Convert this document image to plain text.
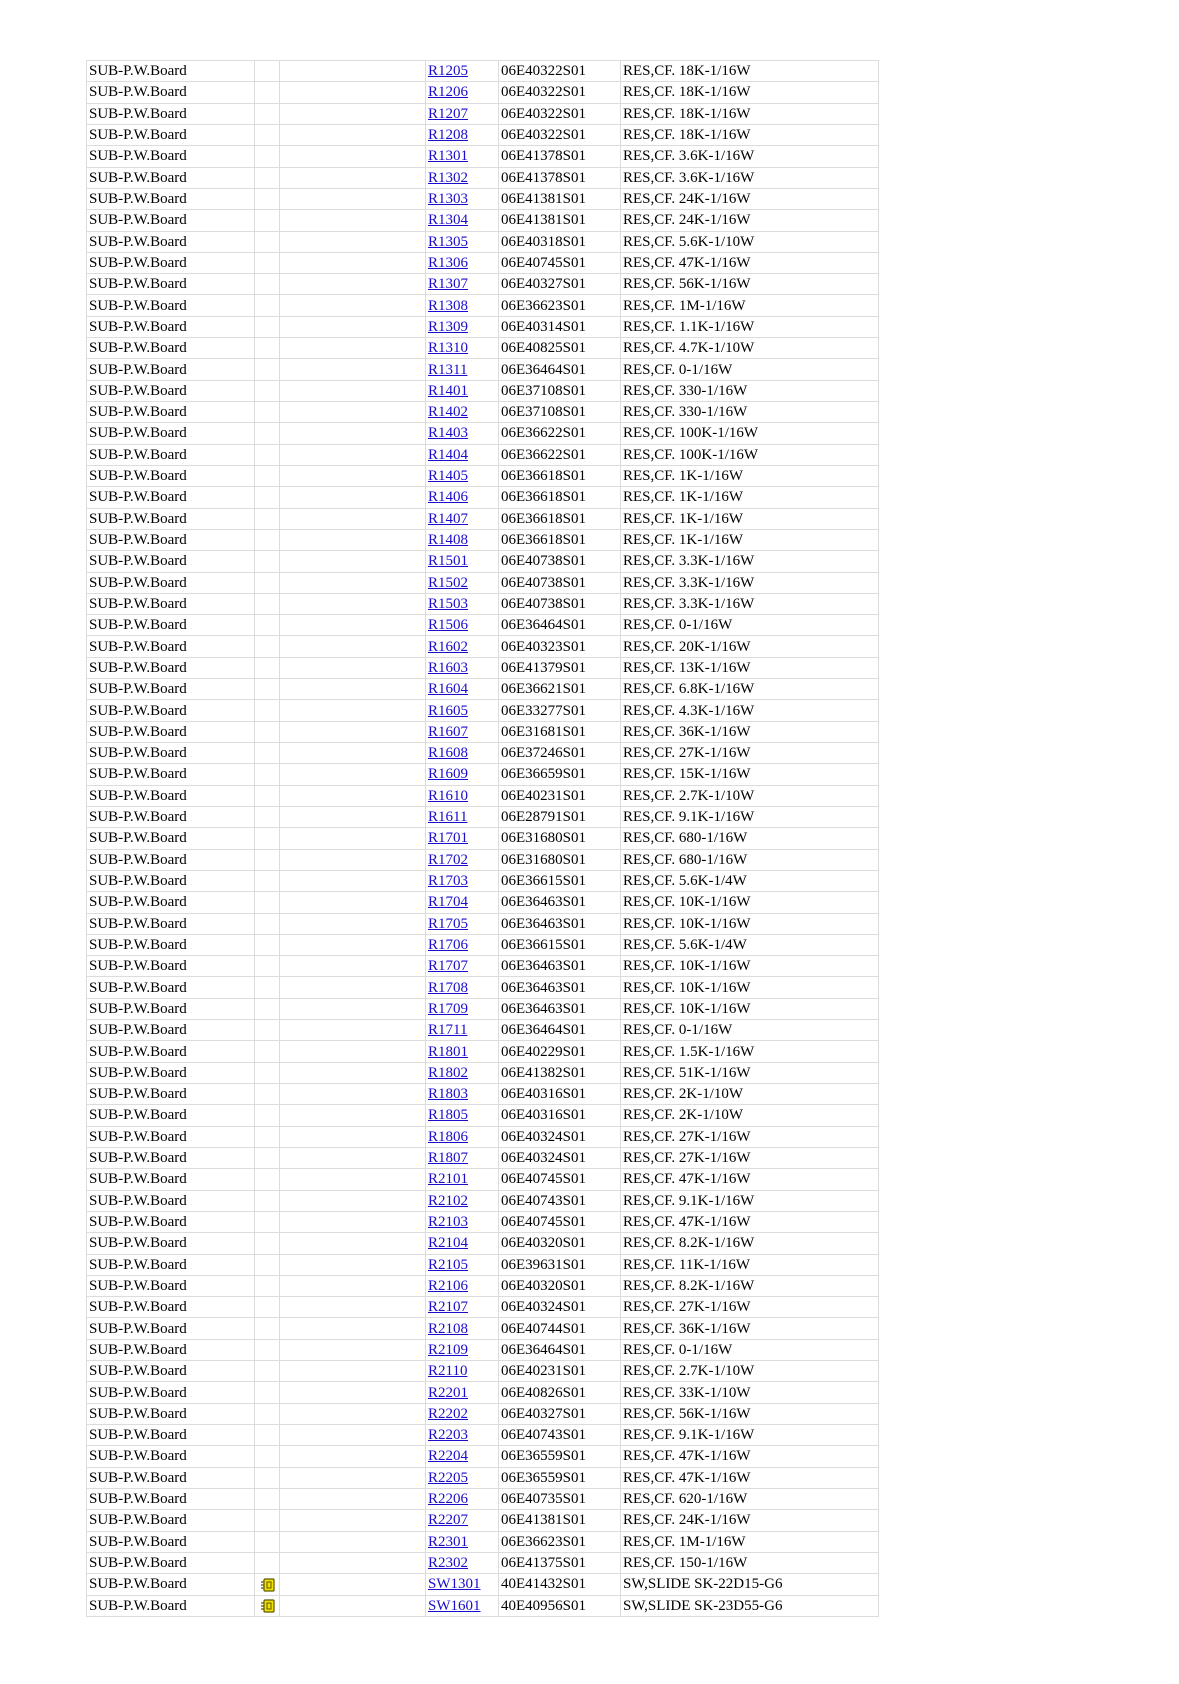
SUB-P.W.Board			R1205	06E40322S01	RES,CF. 18K-1/16W
SUB-P.W.Board			R1206	06E40322S01	RES,CF. 18K-1/16W
SUB-P.W.Board			R1207	06E40322S01	RES,CF. 18K-1/16W
SUB-P.W.Board			R1208	06E40322S01	RES,CF. 18K-1/16W
SUB-P.W.Board			R1301	06E41378S01	RES,CF. 3.6K-1/16W
SUB-P.W.Board			R1302	06E41378S01	RES,CF. 3.6K-1/16W
SUB-P.W.Board			R1303	06E41381S01	RES,CF. 24K-1/16W
SUB-P.W.Board			R1304	06E41381S01	RES,CF. 24K-1/16W
SUB-P.W.Board			R1305	06E40318S01	RES,CF. 5.6K-1/10W
SUB-P.W.Board			R1306	06E40745S01	RES,CF. 47K-1/16W
SUB-P.W.Board			R1307	06E40327S01	RES,CF. 56K-1/16W
SUB-P.W.Board			R1308	06E36623S01	RES,CF. 1M-1/16W
SUB-P.W.Board			R1309	06E40314S01	RES,CF. 1.1K-1/16W
SUB-P.W.Board			R1310	06E40825S01	RES,CF. 4.7K-1/10W
SUB-P.W.Board			R1311	06E36464S01	RES,CF. 0-1/16W
SUB-P.W.Board			R1401	06E37108S01	RES,CF. 330-1/16W
SUB-P.W.Board			R1402	06E37108S01	RES,CF. 330-1/16W
SUB-P.W.Board			R1403	06E36622S01	RES,CF. 100K-1/16W
SUB-P.W.Board			R1404	06E36622S01	RES,CF. 100K-1/16W
SUB-P.W.Board			R1405	06E36618S01	RES,CF. 1K-1/16W
SUB-P.W.Board			R1406	06E36618S01	RES,CF. 1K-1/16W
SUB-P.W.Board			R1407	06E36618S01	RES,CF. 1K-1/16W
SUB-P.W.Board			R1408	06E36618S01	RES,CF. 1K-1/16W
SUB-P.W.Board			R1501	06E40738S01	RES,CF. 3.3K-1/16W
SUB-P.W.Board			R1502	06E40738S01	RES,CF. 3.3K-1/16W
SUB-P.W.Board			R1503	06E40738S01	RES,CF. 3.3K-1/16W
SUB-P.W.Board			R1506	06E36464S01	RES,CF. 0-1/16W
SUB-P.W.Board			R1602	06E40323S01	RES,CF. 20K-1/16W
SUB-P.W.Board			R1603	06E41379S01	RES,CF. 13K-1/16W
SUB-P.W.Board			R1604	06E36621S01	RES,CF. 6.8K-1/16W
SUB-P.W.Board			R1605	06E33277S01	RES,CF. 4.3K-1/16W
SUB-P.W.Board			R1607	06E31681S01	RES,CF. 36K-1/16W
SUB-P.W.Board			R1608	06E37246S01	RES,CF. 27K-1/16W
SUB-P.W.Board			R1609	06E36659S01	RES,CF. 15K-1/16W
SUB-P.W.Board			R1610	06E40231S01	RES,CF. 2.7K-1/10W
SUB-P.W.Board			R1611	06E28791S01	RES,CF. 9.1K-1/16W
SUB-P.W.Board			R1701	06E31680S01	RES,CF. 680-1/16W
SUB-P.W.Board			R1702	06E31680S01	RES,CF. 680-1/16W
SUB-P.W.Board			R1703	06E36615S01	RES,CF. 5.6K-1/4W
SUB-P.W.Board			R1704	06E36463S01	RES,CF. 10K-1/16W
SUB-P.W.Board			R1705	06E36463S01	RES,CF. 10K-1/16W
SUB-P.W.Board			R1706	06E36615S01	RES,CF. 5.6K-1/4W
SUB-P.W.Board			R1707	06E36463S01	RES,CF. 10K-1/16W
SUB-P.W.Board			R1708	06E36463S01	RES,CF. 10K-1/16W
SUB-P.W.Board			R1709	06E36463S01	RES,CF. 10K-1/16W
SUB-P.W.Board			R1711	06E36464S01	RES,CF. 0-1/16W
SUB-P.W.Board			R1801	06E40229S01	RES,CF. 1.5K-1/16W
SUB-P.W.Board			R1802	06E41382S01	RES,CF. 51K-1/16W
SUB-P.W.Board			R1803	06E40316S01	RES,CF. 2K-1/10W
SUB-P.W.Board			R1805	06E40316S01	RES,CF. 2K-1/10W
SUB-P.W.Board			R1806	06E40324S01	RES,CF. 27K-1/16W
SUB-P.W.Board			R1807	06E40324S01	RES,CF. 27K-1/16W
SUB-P.W.Board			R2101	06E40745S01	RES,CF. 47K-1/16W
SUB-P.W.Board			R2102	06E40743S01	RES,CF. 9.1K-1/16W
SUB-P.W.Board			R2103	06E40745S01	RES,CF. 47K-1/16W
SUB-P.W.Board			R2104	06E40320S01	RES,CF. 8.2K-1/16W
SUB-P.W.Board			R2105	06E39631S01	RES,CF. 11K-1/16W
SUB-P.W.Board			R2106	06E40320S01	RES,CF. 8.2K-1/16W
SUB-P.W.Board			R2107	06E40324S01	RES,CF. 27K-1/16W
SUB-P.W.Board			R2108	06E40744S01	RES,CF. 36K-1/16W
SUB-P.W.Board			R2109	06E36464S01	RES,CF. 0-1/16W
SUB-P.W.Board			R2110	06E40231S01	RES,CF. 2.7K-1/10W
SUB-P.W.Board			R2201	06E40826S01	RES,CF. 33K-1/10W
SUB-P.W.Board			R2202	06E40327S01	RES,CF. 56K-1/16W
SUB-P.W.Board			R2203	06E40743S01	RES,CF. 9.1K-1/16W
SUB-P.W.Board			R2204	06E36559S01	RES,CF. 47K-1/16W
SUB-P.W.Board			R2205	06E36559S01	RES,CF. 47K-1/16W
SUB-P.W.Board			R2206	06E40735S01	RES,CF. 620-1/16W
SUB-P.W.Board			R2207	06E41381S01	RES,CF. 24K-1/16W
SUB-P.W.Board			R2301	06E36623S01	RES,CF. 1M-1/16W
SUB-P.W.Board			R2302	06E41375S01	RES,CF. 150-1/16W
SUB-P.W.Board			SW1301	40E41432S01	SW,SLIDE SK-22D15-G6
SUB-P.W.Board			SW1601	40E40956S01	SW,SLIDE SK-23D55-G6
